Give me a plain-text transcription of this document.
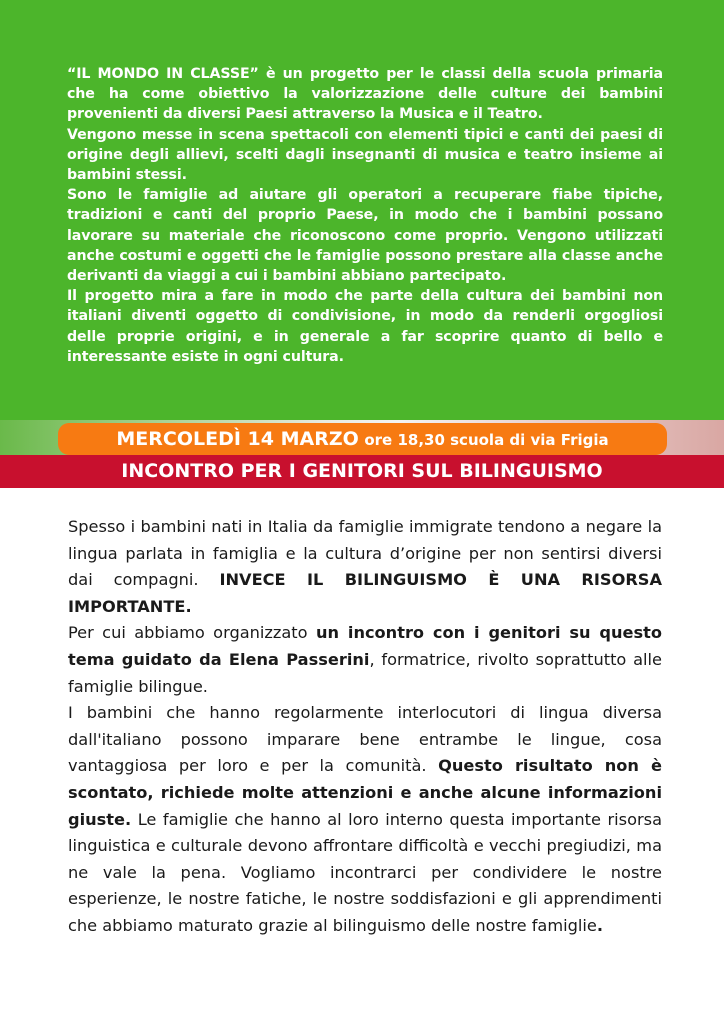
“IL MONDO IN CLASSE” è un progetto per le classi della scuola primaria che ha come obiettivo la valorizzazione delle culture dei bambini provenienti da diversi Paesi attraverso la Musica e il Teatro.

Vengono messe in scena spettacoli con elementi tipici e canti dei paesi di origine degli allievi, scelti dagli insegnanti di musica e teatro insieme ai bambini stessi.

Sono le famiglie ad aiutare gli operatori a recuperare fiabe tipiche, tradizioni e canti del proprio Paese, in modo che i bambini possano lavorare su materiale che riconoscono come proprio. Vengono utilizzati anche costumi e oggetti che le famiglie possono prestare alla classe anche derivanti da viaggi a cui i bambini abbiano partecipato.

Il progetto mira a fare in modo che parte della cultura dei bambini non italiani diventi oggetto di condivisione, in modo da renderli orgogliosi delle proprie origini, e in generale a far scoprire quanto di bello e interessante esiste in ogni cultura.

MERCOLEDÌ 14 MARZO ore 18,30 scuola di via Frigia
INCONTRO PER I GENITORI SUL BILINGUISMO

Spesso i bambini nati in Italia da famiglie immigrate tendono a negare la lingua parlata in famiglia e la cultura d’origine per non sentirsi diversi dai compagni. INVECE IL BILINGUISMO È UNA RISORSA IMPORTANTE.

Per cui abbiamo organizzato un incontro con i genitori su questo tema guidato da Elena Passerini, formatrice, rivolto soprattutto alle famiglie bilingue.

I bambini che hanno regolarmente interlocutori di lingua diversa dall'italiano possono imparare bene entrambe le lingue, cosa vantaggiosa per loro e per la comunità. Questo risultato non è scontato, richiede molte attenzioni e anche alcune informazioni giuste. Le famiglie che hanno al loro interno questa importante risorsa linguistica e culturale devono affrontare difficoltà e vecchi pregiudizi, ma ne vale la pena. Vogliamo incontrarci per condividere le nostre esperienze, le nostre fatiche, le nostre soddisfazioni e gli apprendimenti che abbiamo maturato grazie al bilinguismo delle nostre famiglie.
